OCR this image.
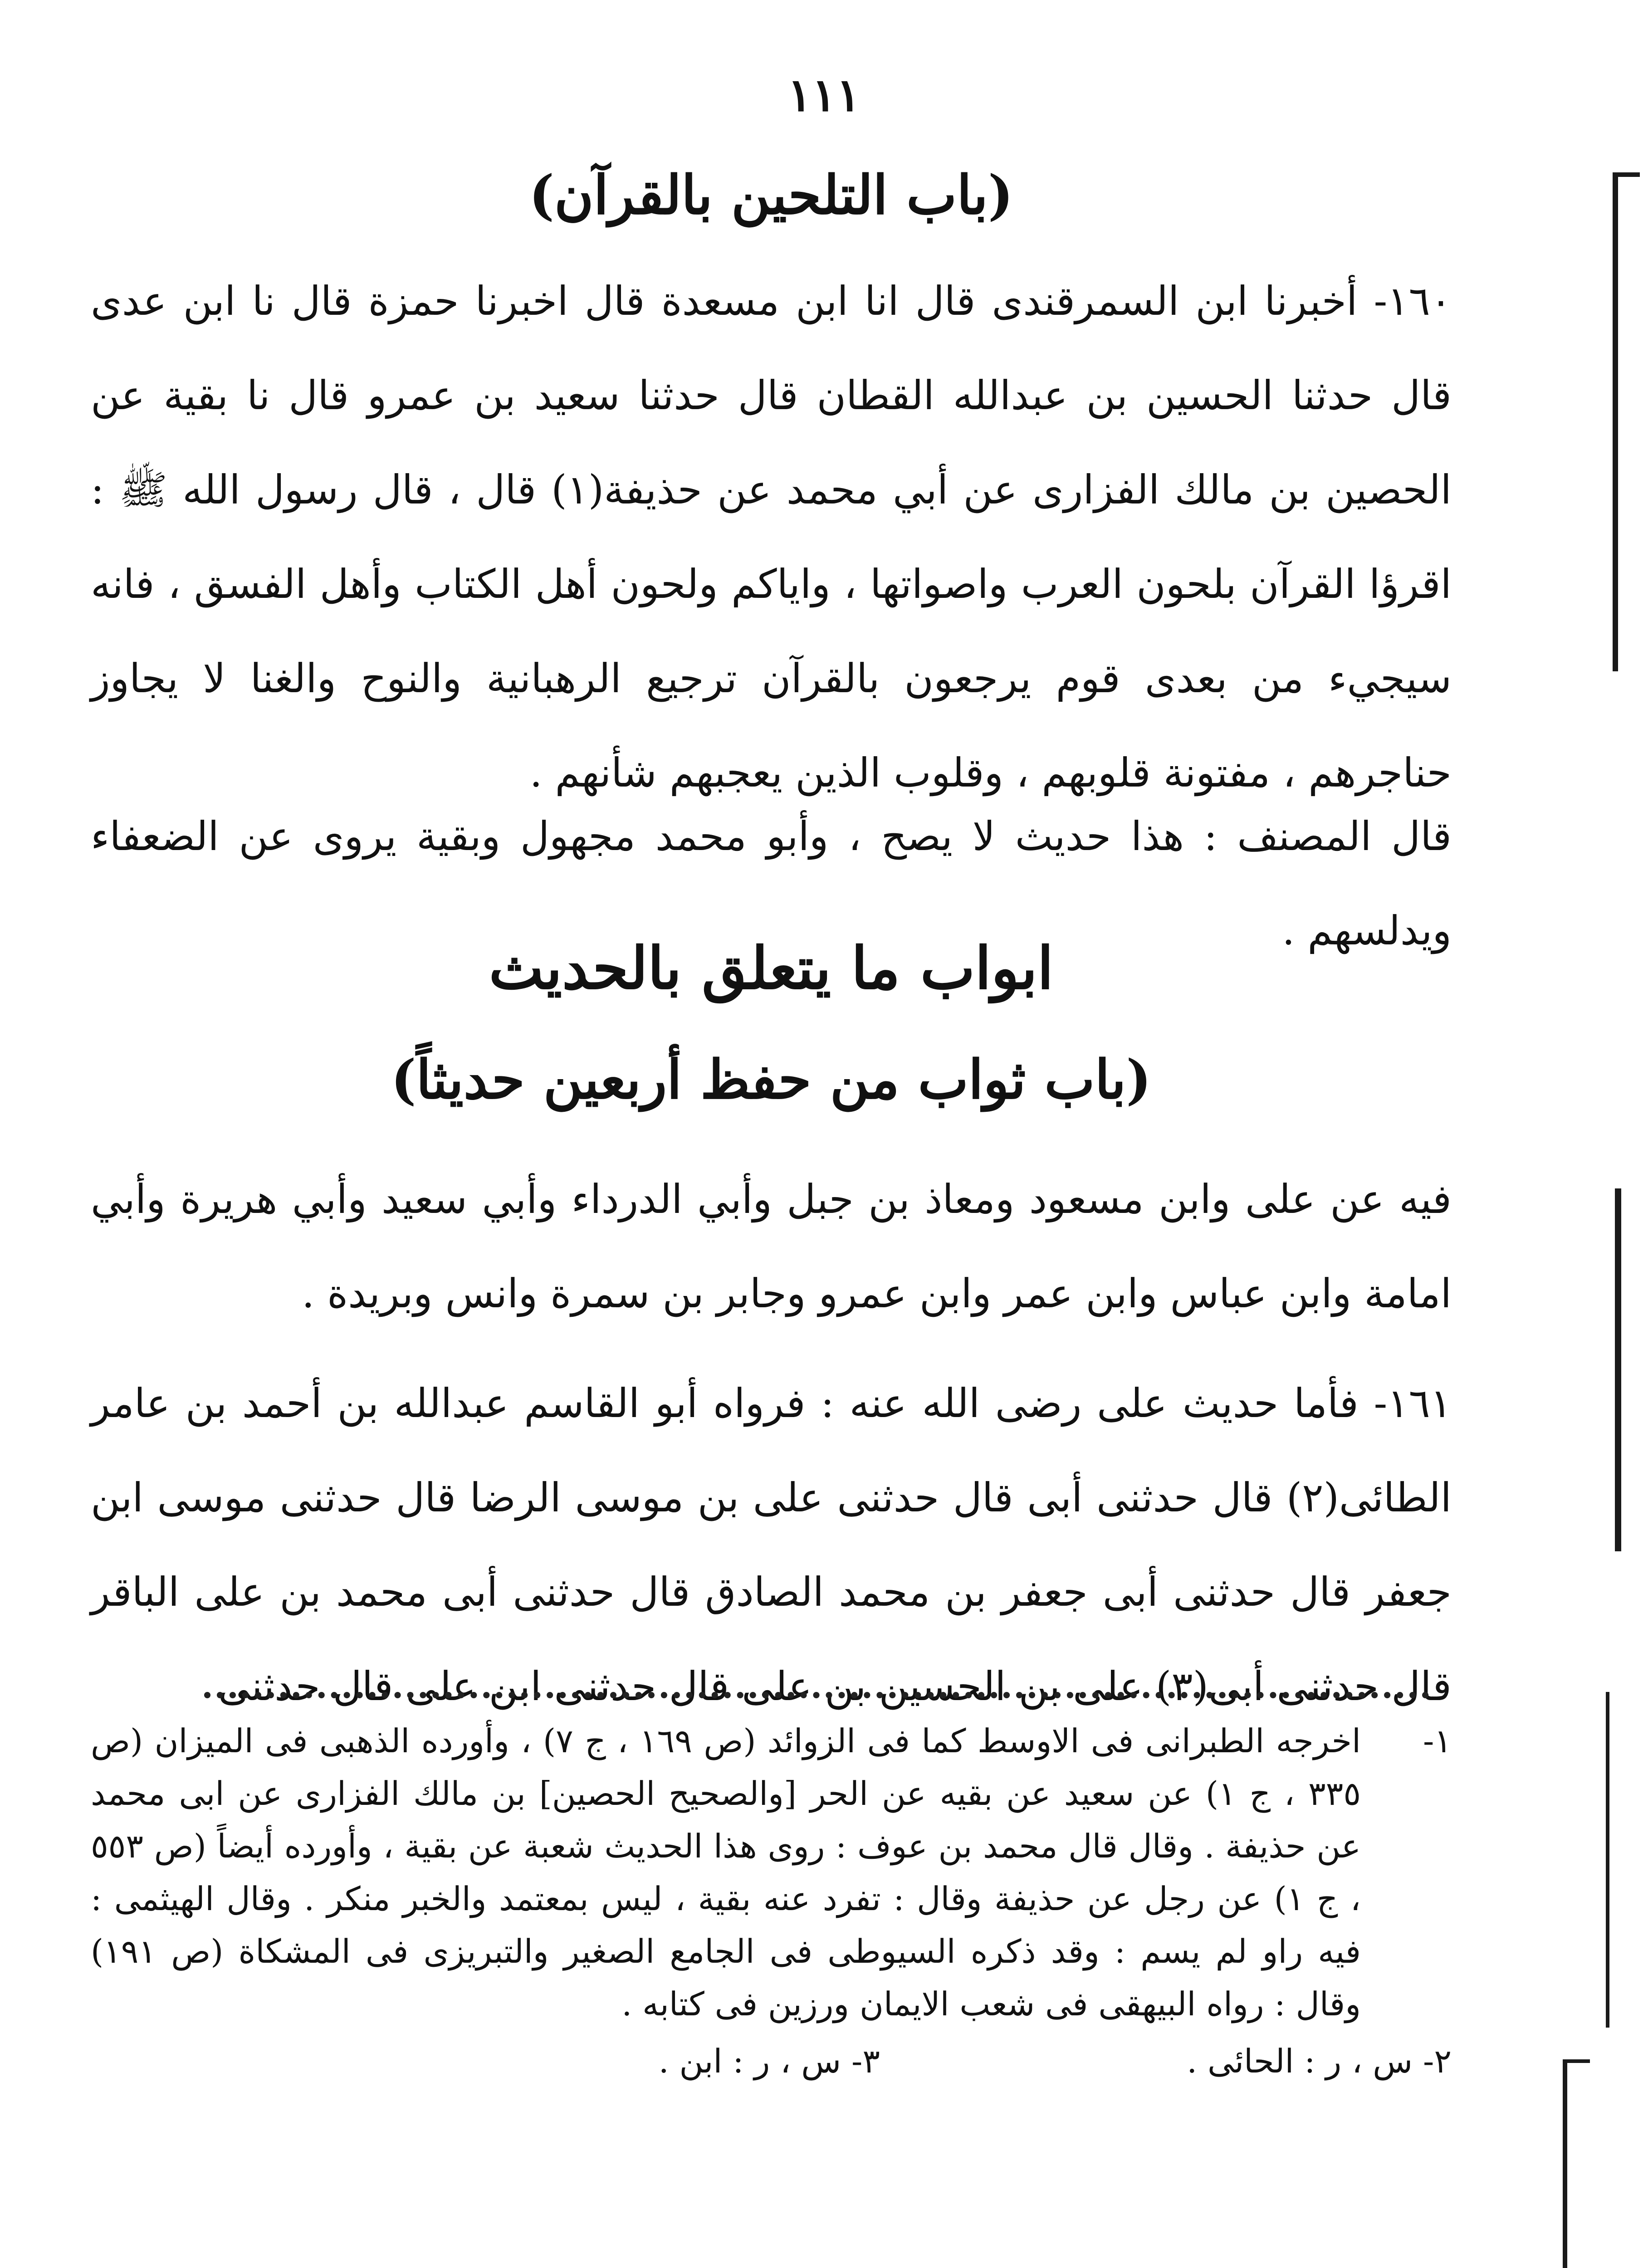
١١١
(باب التلحين بالقرآن)
١٦٠- أخبرنا ابن السمرقندى قال انا ابن مسعدة قال اخبرنا حمزة قال نا ابن عدى قال حدثنا الحسين بن عبدالله القطان قال حدثنا سعيد بن عمرو قال نا بقية عن الحصين بن مالك الفزارى عن أبي محمد عن حذيفة(١) قال ، قال رسول الله ﷺ : اقرؤا القرآن بلحون العرب واصواتها ، واياكم ولحون أهل الكتاب وأهل الفسق ، فانه سيجيء من بعدى قوم يرجعون بالقرآن ترجيع الرهبانية والنوح والغنا لا يجاوز حناجرهم ، مفتونة قلوبهم ، وقلوب الذين يعجبهم شأنهم .
قال المصنف : هذا حديث لا يصح ، وأبو محمد مجهول وبقية يروى عن الضعفاء ويدلسهم .
ابواب ما يتعلق بالحديث
(باب ثواب من حفظ أربعين حديثاً)
فيه عن على وابن مسعود ومعاذ بن جبل وأبي الدرداء وأبي سعيد وأبي هريرة وأبي امامة وابن عباس وابن عمر وابن عمرو وجابر بن سمرة وانس وبريدة .
١٦١- فأما حديث على رضى الله عنه : فرواه أبو القاسم عبدالله بن أحمد بن عامر الطائى(٢) قال حدثنى أبى قال حدثنى على بن موسى الرضا قال حدثنى موسى ابن جعفر قال حدثنى أبى جعفر بن محمد الصادق قال حدثنى أبى محمد بن على الباقر قال حدثنى أبى(٣) على بن الحسين بن على قال حدثنى ابن على قال حدثنى
١-
اخرجه الطبرانى فى الاوسط كما فى الزوائد (ص ١٦٩ ، ج ٧) ، وأورده الذهبى فى الميزان (ص ٣٣٥ ، ج ١) عن سعيد عن بقيه عن الحر [والصحيح الحصين] بن مالك الفزارى عن ابى محمد عن حذيفة . وقال قال محمد بن عوف : روى هذا الحديث شعبة عن بقية ، وأورده أيضاً (ص ٥٥٣ ، ج ١) عن رجل عن حذيفة وقال : تفرد عنه بقية ، ليس بمعتمد والخبر منكر . وقال الهيثمى : فيه راو لم يسم : وقد ذكره السيوطى فى الجامع الصغير والتبريزى فى المشكاة (ص ١٩١) وقال : رواه البيهقى فى شعب الايمان ورزين فى كتابه .
٢- س ، ر : الحائى .
٣- س ، ر : ابن .
